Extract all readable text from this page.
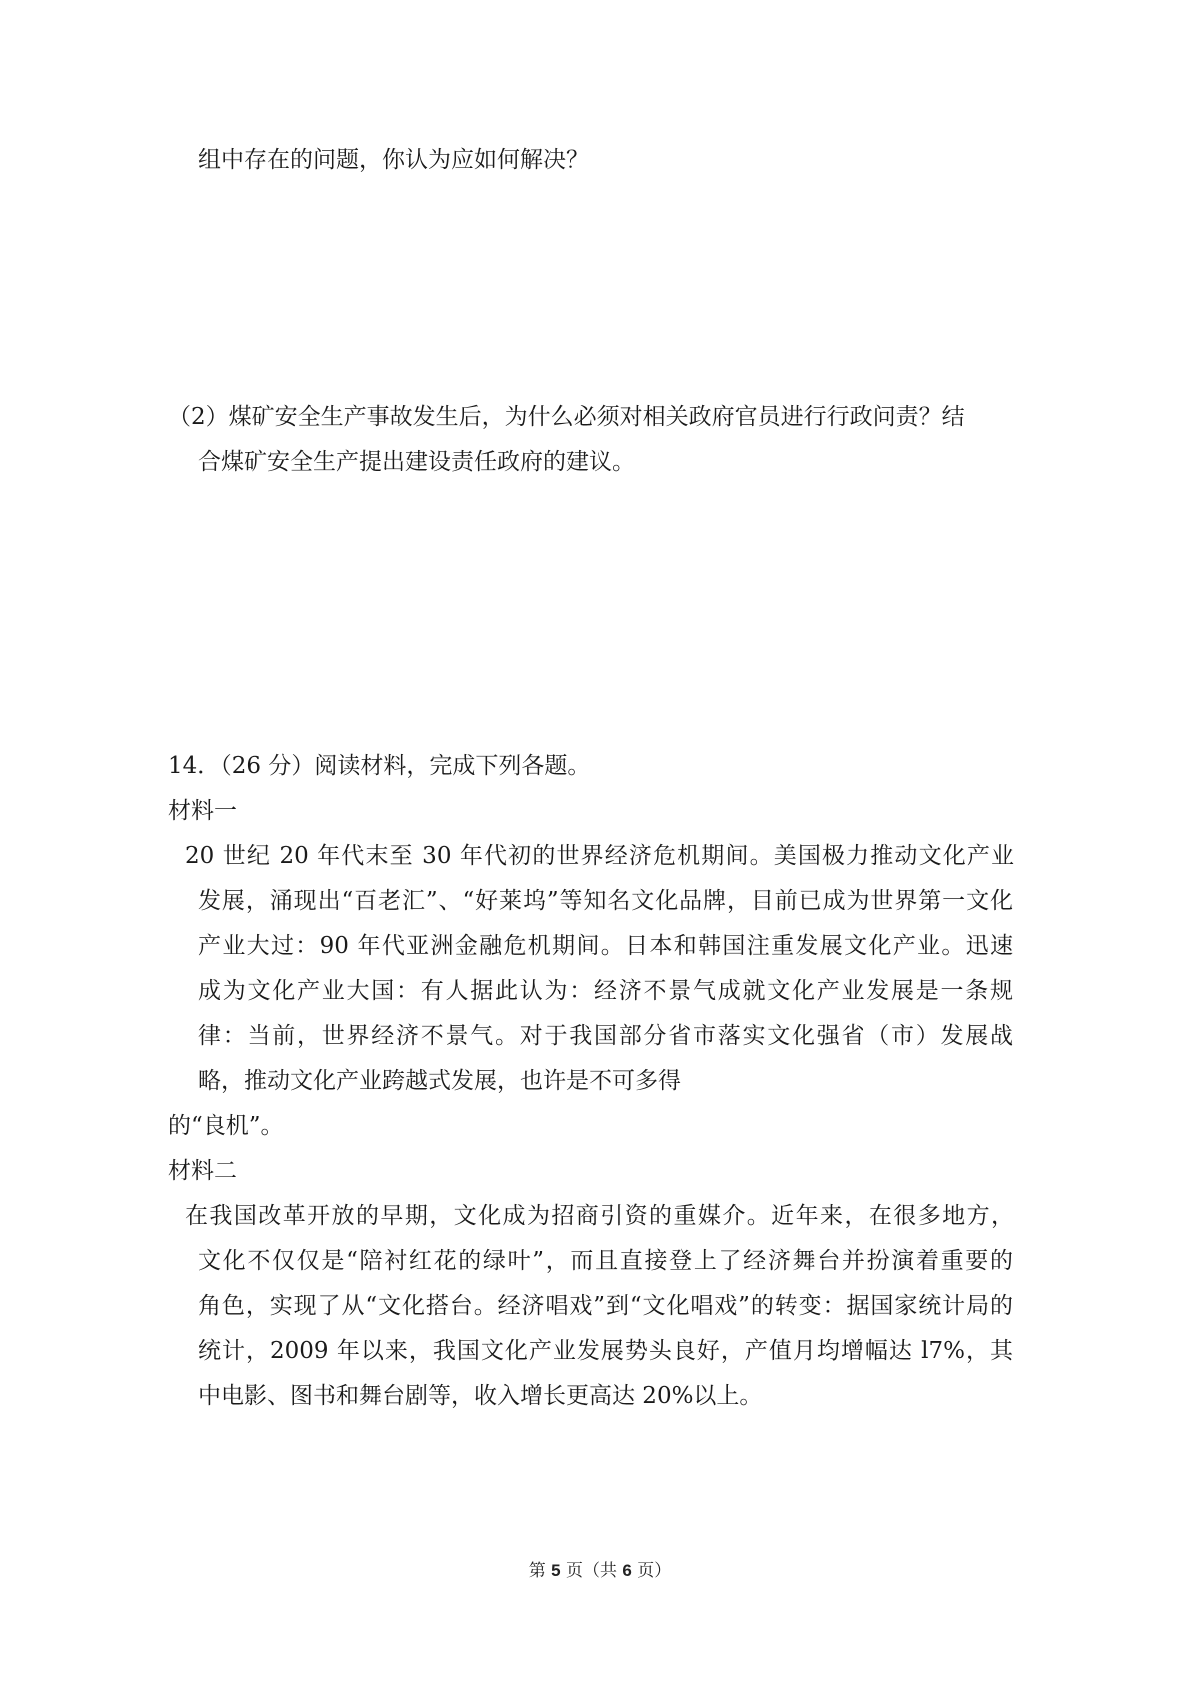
组中存在的问题，你认为应如何解决？
（2）煤矿安全生产事故发生后，为什么必须对相关政府官员进行行政问责？结
合煤矿安全生产提出建设责任政府的建议。
14．（26 分）阅读材料，完成下列各题。
材料一
20 世纪 20 年代末至 30 年代初的世界经济危机期间。美国极力推动文化产业
发展，涌现出“百老汇”、“好莱坞”等知名文化品牌，目前已成为世界第一文化
产业大过：90 年代亚洲金融危机期间。日本和韩国注重发展文化产业。迅速
成为文化产业大国：有人据此认为：经济不景气成就文化产业发展是一条规
律：当前，世界经济不景气。对于我国部分省市落实文化强省（市）发展战
略，推动文化产业跨越式发展，也许是不可多得
的“良机”。
材料二
在我国改革开放的早期，文化成为招商引资的重媒介。近年来，在很多地方，
文化不仅仅是“陪衬红花的绿叶”，而且直接登上了经济舞台并扮演着重要的
角色，实现了从“文化搭台。经济唱戏”到“文化唱戏”的转变：据国家统计局的
统计，2009 年以来，我国文化产业发展势头良好，产值月均增幅达 l7%，其
中电影、图书和舞台剧等，收入增长更高达 20%以上。
第 5 页（共 6 页）
